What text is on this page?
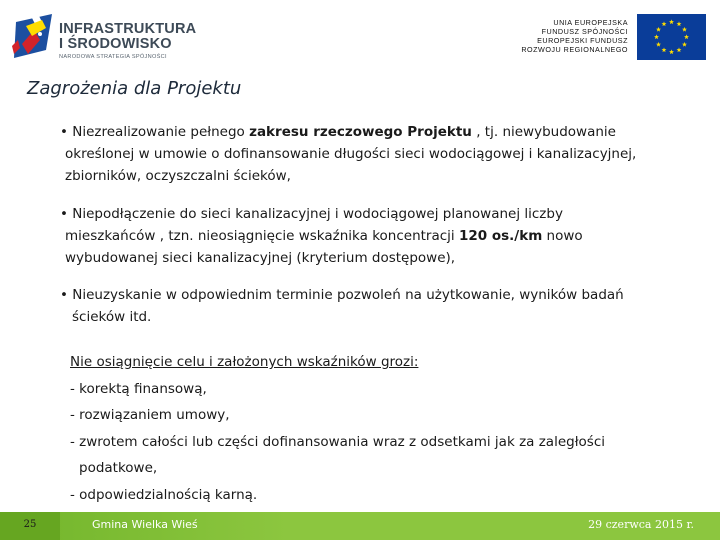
INFRASTRUKTURA
I ŚRODOWISKO
NARODOWA STRATEGIA SPÓJNOŚCI
UNIA EUROPEJSKA
FUNDUSZ SPÓJNOŚCI
EUROPEJSKI FUNDUSZ
ROZWOJU REGIONALNEGO
Zagrożenia dla Projektu
• Niezrealizowanie pełnego zakresu rzeczowego Projektu , tj. niewybudowanie
określonej w umowie o dofinansowanie długości sieci wodociągowej i kanalizacyjnej,
zbiorników, oczyszczalni ścieków,
• Niepodłączenie do sieci kanalizacyjnej i wodociągowej planowanej liczby
mieszkańców , tzn. nieosiągnięcie wskaźnika koncentracji 120 os./km nowo
wybudowanej sieci kanalizacyjnej (kryterium dostępowe),
• Nieuzyskanie w odpowiednim terminie pozwoleń na użytkowanie, wyników badań
ścieków itd.
Nie osiągnięcie celu i założonych wskaźników grozi:
- korektą finansową,
- rozwiązaniem umowy,
- zwrotem całości lub części dofinansowania wraz z odsetkami jak za zaległości
podatkowe,
- odpowiedzialnością karną.
25	Gmina Wielka Wieś	29 czerwca 2015 r.
